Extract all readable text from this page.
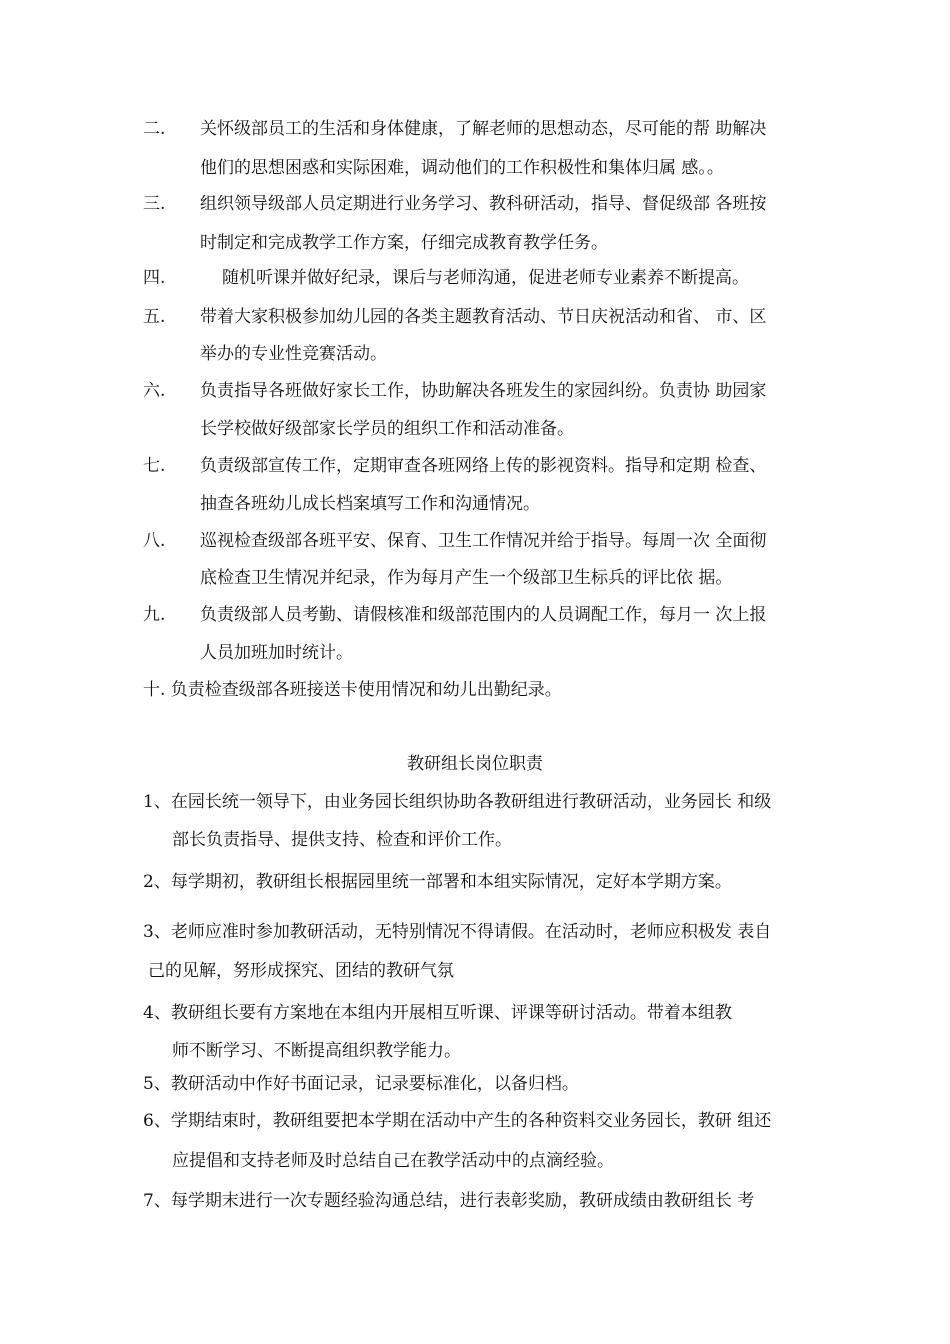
二. 关怀级部员工的生活和身体健康，了解老师的思想动态，尽可能的帮 助解决
他们的思想困惑和实际困难，调动他们的工作积极性和集体归属 感。。
三. 组织领导级部人员定期进行业务学习、教科研活动，指导、督促级部 各班按
时制定和完成教学工作方案，仔细完成教育教学任务。
四.	随机听课并做好纪录，课后与老师沟通，促进老师专业素养不断提高。
五. 带着大家积极参加幼儿园的各类主题教育活动、节日庆祝活动和省、 市、区
举办的专业性竞赛活动。
六. 负责指导各班做好家长工作，协助解决各班发生的家园纠纷。负责协 助园家
长学校做好级部家长学员的组织工作和活动准备。
七. 负责级部宣传工作，定期审查各班网络上传的影视资料。指导和定期 检查、
抽查各班幼儿成长档案填写工作和沟通情况。
八. 巡视检查级部各班平安、保育、卫生工作情况并给于指导。每周一次 全面彻
底检查卫生情况并纪录，作为每月产生一个级部卫生标兵的评比依 据。
九. 负责级部人员考勤、请假核准和级部范围内的人员调配工作，每月一 次上报
人员加班加时统计。
十. 负责检查级部各班接送卡使用情况和幼儿出勤纪录。
教研组长岗位职责
1、在园长统一领导下，由业务园长组织协助各教研组进行教研活动，业务园长 和级
部长负责指导、提供支持、检查和评价工作。
2、每学期初，教研组长根据园里统一部署和本组实际情况，定好本学期方案。
3、老师应准时参加教研活动，无特别情况不得请假。在活动时，老师应积极发 表自
己的见解，努形成探究、团结的教研气氛
4、教研组长要有方案地在本组内开展相互听课、评课等研讨活动。带着本组教
师不断学习、不断提高组织教学能力。
5、教研活动中作好书面记录，记录要标准化，以备归档。
6、学期结束时，教研组要把本学期在活动中产生的各种资料交业务园长，教研 组还
应提倡和支持老师及时总结自己在教学活动中的点滴经验。
7、每学期末进行一次专题经验沟通总结，进行表彰奖励，教研成绩由教研组长 考
